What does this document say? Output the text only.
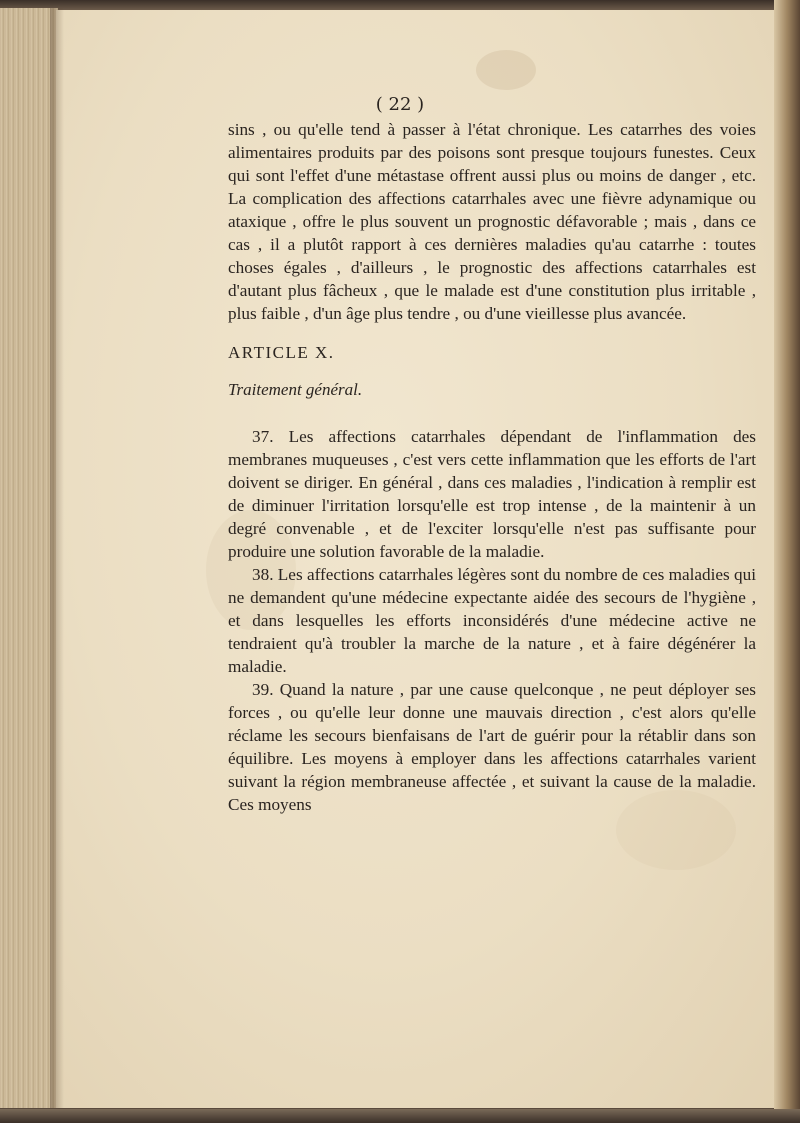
( 22 )

sins , ou qu'elle tend à passer à l'état chronique. Les catarrhes des voies alimentaires produits par des poisons sont presque toujours funestes. Ceux qui sont l'effet d'une métastase offrent aussi plus ou moins de danger , etc. La complication des affections catarrhales avec une fièvre adynamique ou ataxique , offre le plus souvent un prognostic défavorable ; mais , dans ce cas , il a plutôt rapport à ces dernières maladies qu'au catarrhe : toutes choses égales , d'ailleurs , le prognostic des affections catarrhales est d'autant plus fâcheux , que le malade est d'une constitution plus irritable , plus faible , d'un âge plus tendre , ou d'une vieillesse plus avancée.

ARTICLE X.

Traitement général.

37. Les affections catarrhales dépendant de l'inflammation des membranes muqueuses , c'est vers cette inflammation que les efforts de l'art doivent se diriger. En général , dans ces maladies , l'indication à remplir est de diminuer l'irritation lorsqu'elle est trop intense , de la maintenir à un degré convenable , et de l'exciter lorsqu'elle n'est pas suffisante pour produire une solution favorable de la maladie.

38. Les affections catarrhales légères sont du nombre de ces maladies qui ne demandent qu'une médecine expectante aidée des secours de l'hygiène , et dans lesquelles les efforts inconsidérés d'une médecine active ne tendraient qu'à troubler la marche de la nature , et à faire dégénérer la maladie.

39. Quand la nature , par une cause quelconque , ne peut déployer ses forces , ou qu'elle leur donne une mauvais direction , c'est alors qu'elle réclame les secours bienfaisans de l'art de guérir pour la rétablir dans son équilibre. Les moyens à employer dans les affections catarrhales varient suivant la région membraneuse affectée , et suivant la cause de la maladie. Ces moyens
